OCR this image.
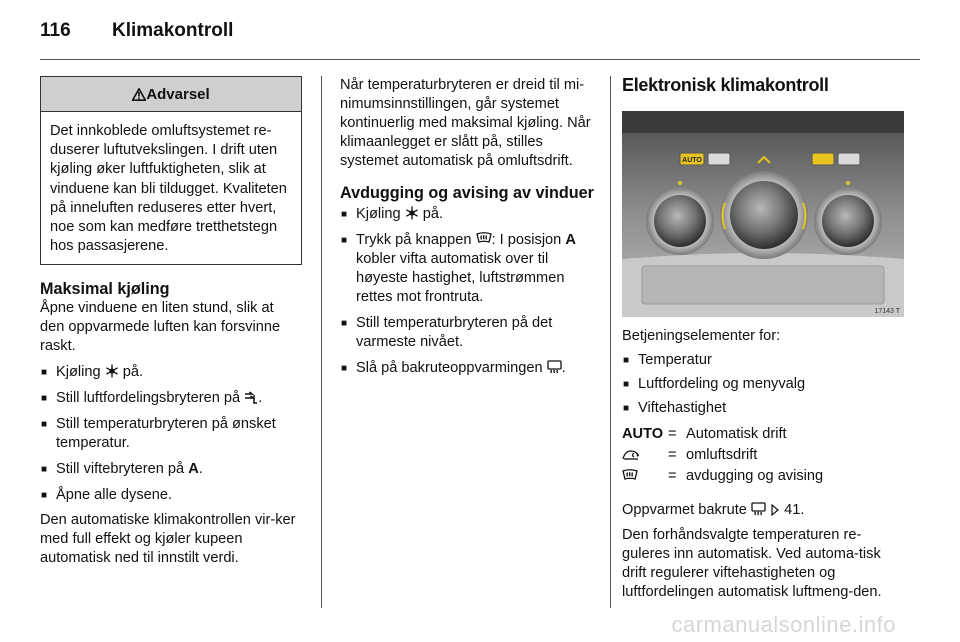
116 Klimakontroll
Advarsel
Det innkoblede omluftsystemet re-duserer luftutvekslingen. I drift uten kjøling øker luftfuktigheten, slik at vinduene kan bli tildugget. Kvaliteten på inneluften reduseres etter hvert, noe som kan medføre tretthetstegn hos passasjerene.
Maksimal kjøling

Åpne vinduene en liten stund, slik at den oppvarmede luften kan forsvinne raskt.

■ Kjøling på.
■ Still luftfordelingsbryteren på .
■ Still temperaturbryteren på ønsket temperatur.
■ Still viftebryteren på A.
■ Åpne alle dysene.

Den automatiske klimakontrollen vir-ker med full effekt og kjøler kupeen automatisk ned til innstilt verdi.

Når temperaturbryteren er dreid til mi-nimumsinnstillingen, går systemet kontinuerlig med maksimal kjøling. Når klimaanlegget er slått på, stilles systemet automatisk på omluftsdrift.

Avdugging og avising av vinduer
■ Kjøling på.
■ Trykk på knappen : I posisjon A kobler vifta automatisk over til høyeste hastighet, luftstrømmen rettes mot frontruta.
■ Still temperaturbryteren på det varmeste nivået.
■ Slå på bakruteoppvarmingen .
Elektronisk klimakontroll
AUTO
17143 T

Betjeningselementer for:

■ Temperatur
■ Luftfordeling og menyvalg
■ Viftehastighet
AUTO	=	Automatisk drift
	=	omluftsdrift
	=	avdugging og avising

Oppvarmet bakrute	41.

Den forhåndsvalgte temperaturen re-guleres inn automatisk. Ved automa-tisk drift regulerer viftehastigheten og luftfordelingen automatisk luftmeng-den.

carmanualsonline.info
